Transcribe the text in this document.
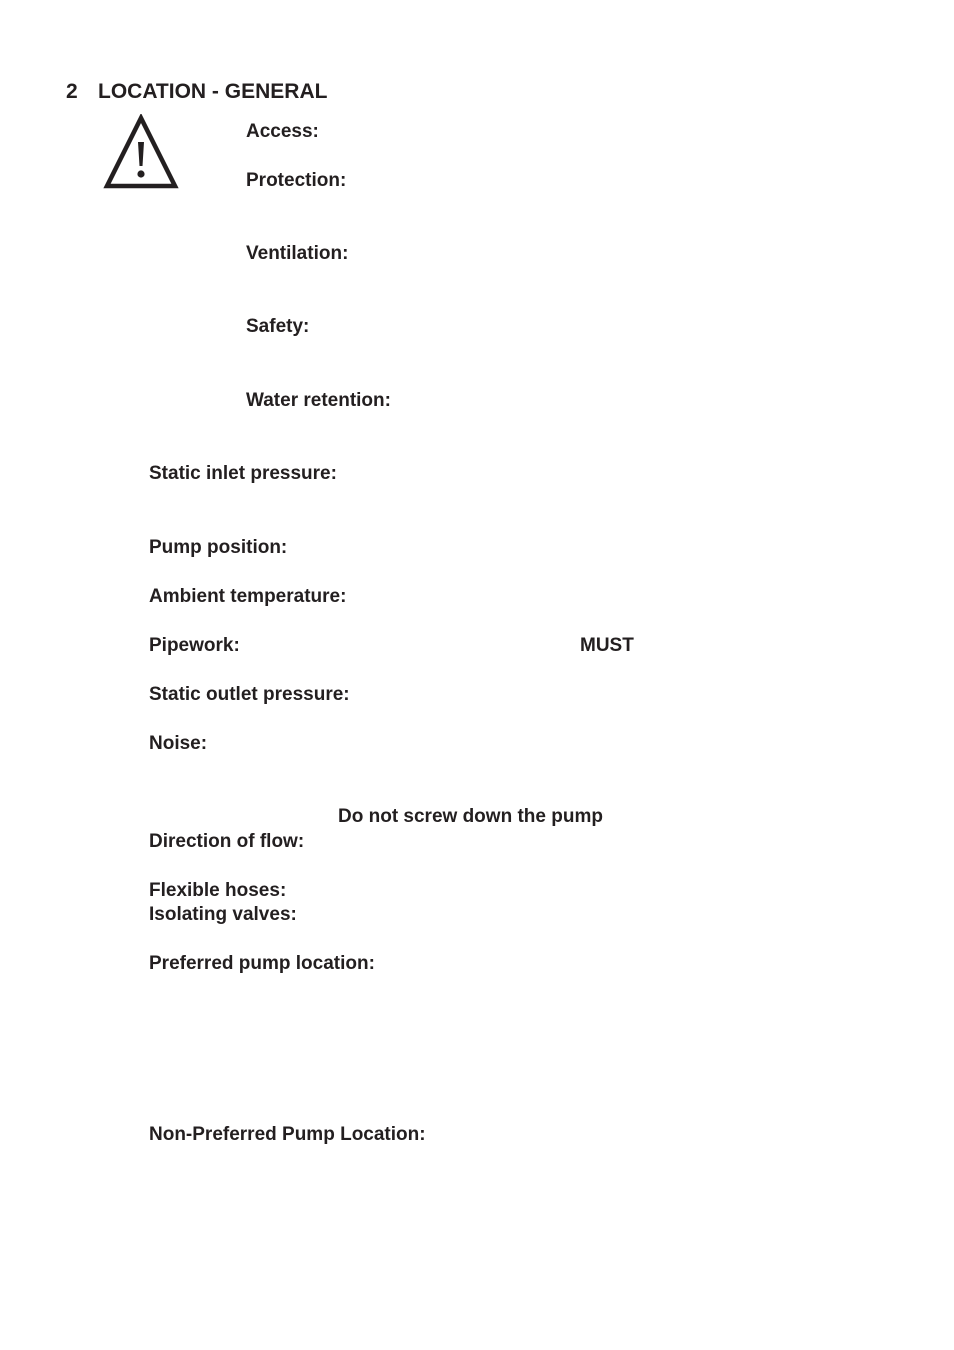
2 LOCATION - GENERAL
Access:
Protection:
Ventilation:
Safety:
Water retention:
Static inlet pressure:
Pump position:
Ambient temperature:
Pipework:	MUST
Static outlet pressure:
Noise:
Do not screw down the pump
Direction of flow:
Flexible hoses:
Isolating valves:
Preferred pump location:
Non-Preferred Pump Location:
